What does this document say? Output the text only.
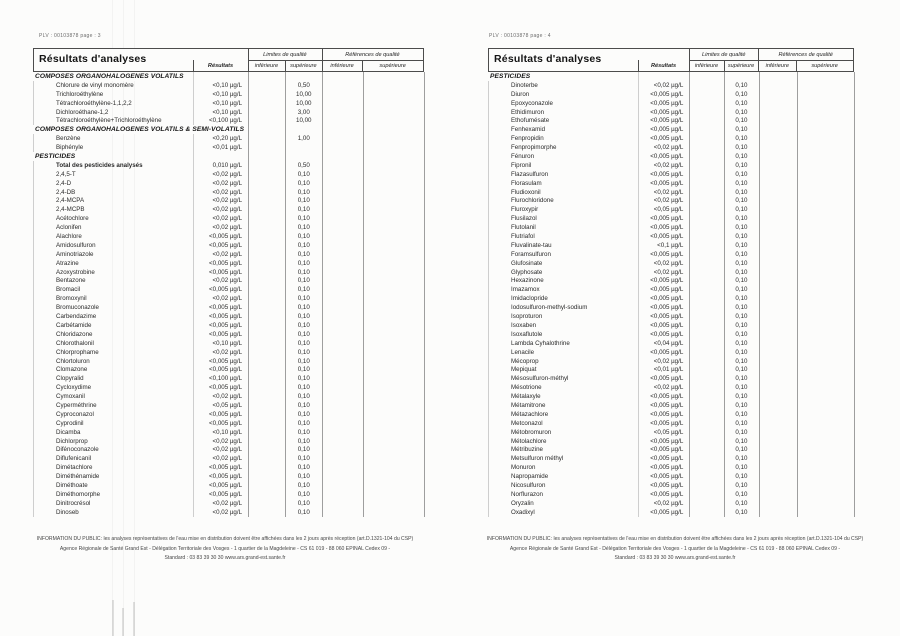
PLV : 00103878 page : 3
Résultats d'analyses	Limites de qualité	Références de qualité
Résultats	inférieure	supérieure	inférieure	supérieure
COMPOSES ORGANOHALOGENES VOLATILS
Chlorure de vinyl monomère	<0,10 µg/L	0,50
Trichloroéthylène	<0,10 µg/L	10,00
Tétrachloroéthylène-1,1,2,2	<0,10 µg/L	10,00
Dichloroéthane-1,2	<0,10 µg/L	3,00
Tétrachloroéthylène+Trichloroéthylène	<0,100 µg/L	10,00
COMPOSES ORGANOHALOGENES VOLATILS & SEMI-VOLATILS
Benzène	<0,20 µg/L	1,00
Biphényle	<0,01 µg/L
PESTICIDES
Total des pesticides analysés	0,010 µg/L	0,50
2,4,5-T	<0,02 µg/L	0,10
2,4-D	<0,02 µg/L	0,10
2,4-DB	<0,02 µg/L	0,10
2,4-MCPA	<0,02 µg/L	0,10
2,4-MCPB	<0,02 µg/L	0,10
Acétochlore	<0,02 µg/L	0,10
Aclonifen	<0,02 µg/L	0,10
Alachlore	<0,005 µg/L	0,10
Amidosulfuron	<0,005 µg/L	0,10
Aminotriazole	<0,02 µg/L	0,10
Atrazine	<0,005 µg/L	0,10
Azoxystrobine	<0,005 µg/L	0,10
Bentazone	<0,02 µg/L	0,10
Bromacil	<0,005 µg/L	0,10
Bromoxynil	<0,02 µg/L	0,10
Bromuconazole	<0,005 µg/L	0,10
Carbendazime	<0,005 µg/L	0,10
Carbétamide	<0,005 µg/L	0,10
Chloridazone	<0,005 µg/L	0,10
Chlorothalonil	<0,10 µg/L	0,10
Chlorprophame	<0,02 µg/L	0,10
Chlortoluron	<0,005 µg/L	0,10
Clomazone	<0,005 µg/L	0,10
Clopyralid	<0,100 µg/L	0,10
Cycloxydime	<0,005 µg/L	0,10
Cymoxanil	<0,02 µg/L	0,10
Cyperméthrine	<0,05 µg/L	0,10
Cyproconazol	<0,005 µg/L	0,10
Cyprodinil	<0,005 µg/L	0,10
Dicamba	<0,10 µg/L	0,10
Dichlorprop	<0,02 µg/L	0,10
Difénoconazole	<0,02 µg/L	0,10
Diflufenicanil	<0,02 µg/L	0,10
Dimétachlore	<0,005 µg/L	0,10
Diméthénamide	<0,005 µg/L	0,10
Diméthoate	<0,005 µg/L	0,10
Diméthomorphe	<0,005 µg/L	0,10
Dinitrocrésol	<0,02 µg/L	0,10
Dinoseb	<0,02 µg/L	0,10
INFORMATION DU PUBLIC: les analyses représentatives de l'eau mise en distribution doivent être affichées dans les 2 jours après réception (art.D.1321-104 du CSP)
Agence Régionale de Santé Grand Est - Délégation Territoriale des Vosges - 1 quartier de la Magdeleine - CS 61 019 - 88 060 EPINAL Cedex 09 -
Standard : 03 83 39 30 30 www.ars.grand-est.sante.fr
PLV : 00103878 page : 4
Résultats d'analyses	Limites de qualité	Références de qualité
Résultats	inférieure	supérieure	inférieure	supérieure
PESTICIDES
Dinoterbe	<0,02 µg/L	0,10
Diuron	<0,005 µg/L	0,10
Epoxyconazole	<0,005 µg/L	0,10
Ethidimuron	<0,005 µg/L	0,10
Ethofumésate	<0,005 µg/L	0,10
Fenhexamid	<0,005 µg/L	0,10
Fenpropidin	<0,005 µg/L	0,10
Fenpropimorphe	<0,02 µg/L	0,10
Fénuron	<0,005 µg/L	0,10
Fipronil	<0,02 µg/L	0,10
Flazasulfuron	<0,005 µg/L	0,10
Florasulam	<0,005 µg/L	0,10
Fludioxonil	<0,02 µg/L	0,10
Flurochloridone	<0,02 µg/L	0,10
Fluroxypir	<0,05 µg/L	0,10
Flusilazol	<0,005 µg/L	0,10
Flutolanil	<0,005 µg/L	0,10
Flutriafol	<0,005 µg/L	0,10
Fluvalinate-tau	<0,1 µg/L	0,10
Foramsulfuron	<0,005 µg/L	0,10
Glufosinate	<0,02 µg/L	0,10
Glyphosate	<0,02 µg/L	0,10
Hexazinone	<0,005 µg/L	0,10
Imazamox	<0,005 µg/L	0,10
Imidaclopride	<0,005 µg/L	0,10
Iodosulfuron-methyl-sodium	<0,005 µg/L	0,10
Isoproturon	<0,005 µg/L	0,10
Isoxaben	<0,005 µg/L	0,10
Isoxaflutole	<0,005 µg/L	0,10
Lambda Cyhalothrine	<0,04 µg/L	0,10
Lenacile	<0,005 µg/L	0,10
Mécoprop	<0,02 µg/L	0,10
Mepiquat	<0,01 µg/L	0,10
Mésosulfuron-méthyl	<0,005 µg/L	0,10
Mésotrione	<0,02 µg/L	0,10
Métalaxyle	<0,005 µg/L	0,10
Métamitrone	<0,005 µg/L	0,10
Métazachlore	<0,005 µg/L	0,10
Metconazol	<0,005 µg/L	0,10
Métobromuron	<0,05 µg/L	0,10
Métolachlore	<0,005 µg/L	0,10
Métribuzine	<0,005 µg/L	0,10
Metsulfuron méthyl	<0,005 µg/L	0,10
Monuron	<0,005 µg/L	0,10
Napropamide	<0,005 µg/L	0,10
Nicosulfuron	<0,005 µg/L	0,10
Norflurazon	<0,005 µg/L	0,10
Oryzalin	<0,02 µg/L	0,10
Oxadixyl	<0,005 µg/L	0,10
INFORMATION DU PUBLIC: les analyses représentatives de l'eau mise en distribution doivent être affichées dans les 2 jours après réception (art.D.1321-104 du CSP)
Agence Régionale de Santé Grand Est - Délégation Territoriale des Vosges - 1 quartier de la Magdeleine - CS 61 019 - 88 060 EPINAL Cedex 09 -
Standard : 03 83 39 30 30 www.ars.grand-est.sante.fr
